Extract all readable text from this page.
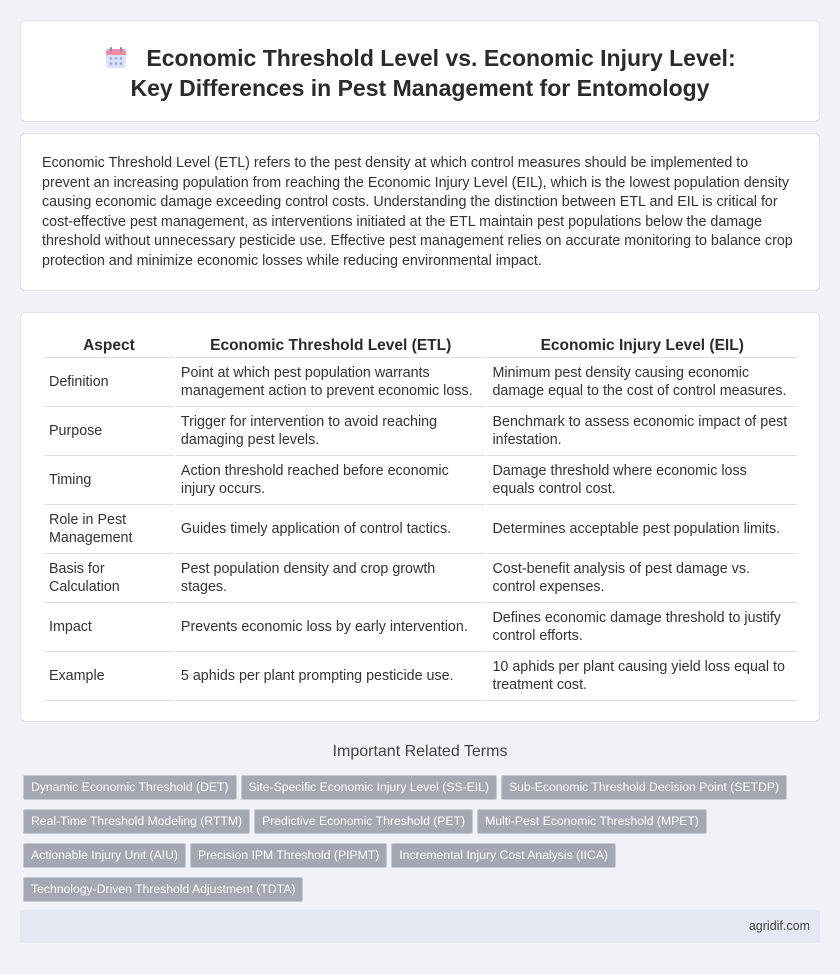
Economic Threshold Level vs. Economic Injury Level: Key Differences in Pest Management for Entomology

Economic Threshold Level (ETL) refers to the pest density at which control measures should be implemented to prevent an increasing population from reaching the Economic Injury Level (EIL), which is the lowest population density causing economic damage exceeding control costs. Understanding the distinction between ETL and EIL is critical for cost-effective pest management, as interventions initiated at the ETL maintain pest populations below the damage threshold without unnecessary pesticide use. Effective pest management relies on accurate monitoring to balance crop protection and minimize economic losses while reducing environmental impact.

Aspect	Economic Threshold Level (ETL)	Economic Injury Level (EIL)
Definition	Point at which pest population warrants management action to prevent economic loss.	Minimum pest density causing economic damage equal to the cost of control measures.
Purpose	Trigger for intervention to avoid reaching damaging pest levels.	Benchmark to assess economic impact of pest infestation.
Timing	Action threshold reached before economic injury occurs.	Damage threshold where economic loss equals control cost.
Role in Pest Management	Guides timely application of control tactics.	Determines acceptable pest population limits.
Basis for Calculation	Pest population density and crop growth stages.	Cost-benefit analysis of pest damage vs. control expenses.
Impact	Prevents economic loss by early intervention.	Defines economic damage threshold to justify control efforts.
Example	5 aphids per plant prompting pesticide use.	10 aphids per plant causing yield loss equal to treatment cost.
Important Related Terms
Dynamic Economic Threshold (DET) Site-Specific Economic Injury Level (SS-EIL) Sub-Economic Threshold Decision Point (SETDP)
Real-Time Threshold Modeling (RTTM) Predictive Economic Threshold (PET) Multi-Pest Economic Threshold (MPET)
Actionable Injury Unit (AIU) Precision IPM Threshold (PIPMT) Incremental Injury Cost Analysis (IICA)
Technology-Driven Threshold Adjustment (TDTA)
agridif.com
